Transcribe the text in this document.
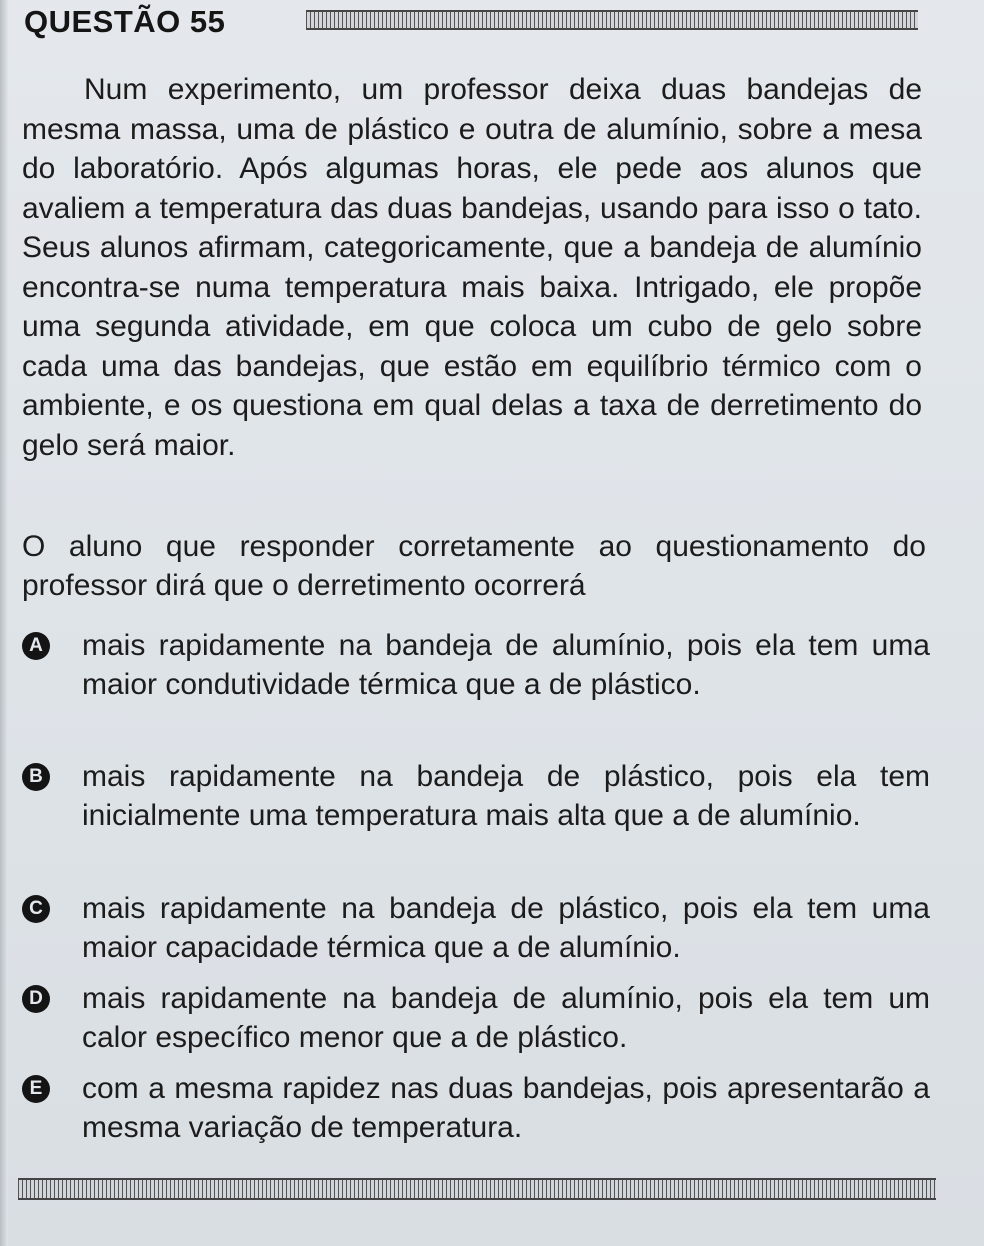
QUESTÃO 55

Num experimento, um professor deixa duas bandejas de mesma massa, uma de plástico e outra de alumínio, sobre a mesa do laboratório. Após algumas horas, ele pede aos alunos que avaliem a temperatura das duas bandejas, usando para isso o tato. Seus alunos afirmam, categoricamente, que a bandeja de alumínio encontra-se numa temperatura mais baixa. Intrigado, ele propõe uma segunda atividade, em que coloca um cubo de gelo sobre cada uma das bandejas, que estão em equilíbrio térmico com o ambiente, e os questiona em qual delas a taxa de derretimento do gelo será maior.

O aluno que responder corretamente ao questionamento do professor dirá que o derretimento ocorrerá

A mais rapidamente na bandeja de alumínio, pois ela tem uma maior condutividade térmica que a de plástico.

B mais rapidamente na bandeja de plástico, pois ela tem inicialmente uma temperatura mais alta que a de alumínio.

C mais rapidamente na bandeja de plástico, pois ela tem uma maior capacidade térmica que a de alumínio.

D mais rapidamente na bandeja de alumínio, pois ela tem um calor específico menor que a de plástico.

E com a mesma rapidez nas duas bandejas, pois apresentarão a mesma variação de temperatura.
